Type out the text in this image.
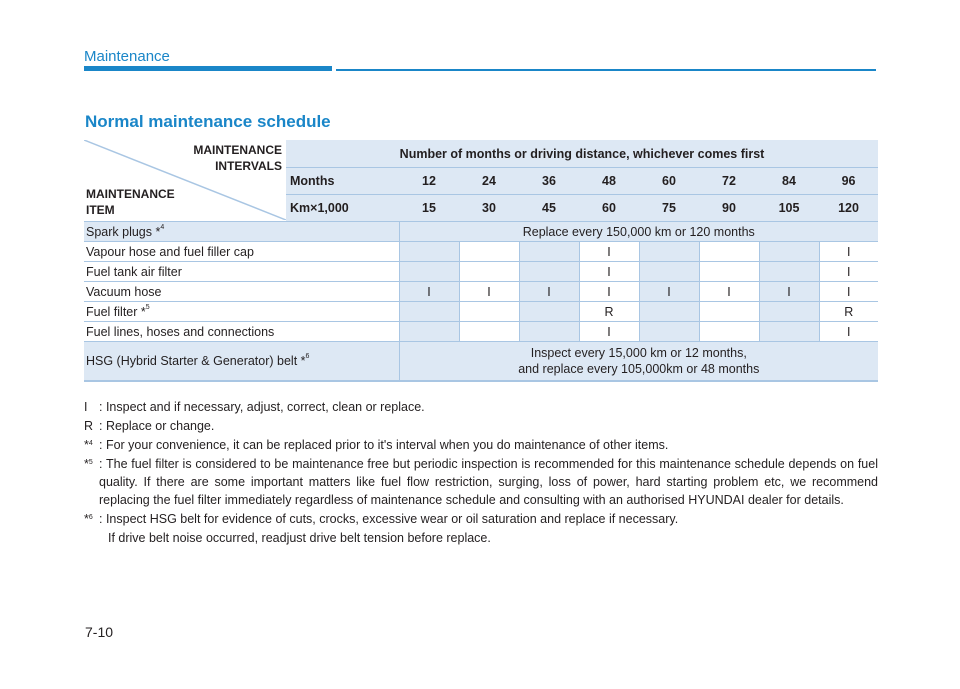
Maintenance
Normal maintenance schedule
MAINTENANCE
INTERVALS
MAINTENANCE
ITEM	Number of months or driving distance, whichever comes first								
	Months	12	24	36	48	60	72	84	96
	Km×1,000	15	30	45	60	75	90	105	120
Spark plugs *$^4$		Replace every 150,000 km or 120 months							
Vapour hose and fuel filler cap					I				I
Fuel tank air filter					I				I
Vacuum hose		I	I	I	I	I	I	I	I
Fuel filter *$^5$					R				R
Fuel lines, hoses and connections					I				I
HSG (Hybrid Starter & Generator) belt *$^6$		Inspect every 15,000 km or 12 months,
and replace every 105,000km or 48 months							
I : Inspect and if necessary, adjust, correct, clean or replace.
R : Replace or change.
*$^4$ : For your convenience, it can be replaced prior to it's interval when you do maintenance of other items.
*$^5$ : The fuel filter is considered to be maintenance free but periodic inspection is recommended for this maintenance schedule depends on fuel quality. If there are some important matters like fuel flow restriction, surging, loss of power, hard starting problem etc, we recommend replacing the fuel filter immediately regardless of maintenance schedule and consulting with an authorised HYUNDAI dealer for details.
*$^6$ : Inspect HSG belt for evidence of cuts, crocks, excessive wear or oil saturation and replace if necessary.
If drive belt noise occurred, readjust drive belt tension before replace.
7-10
